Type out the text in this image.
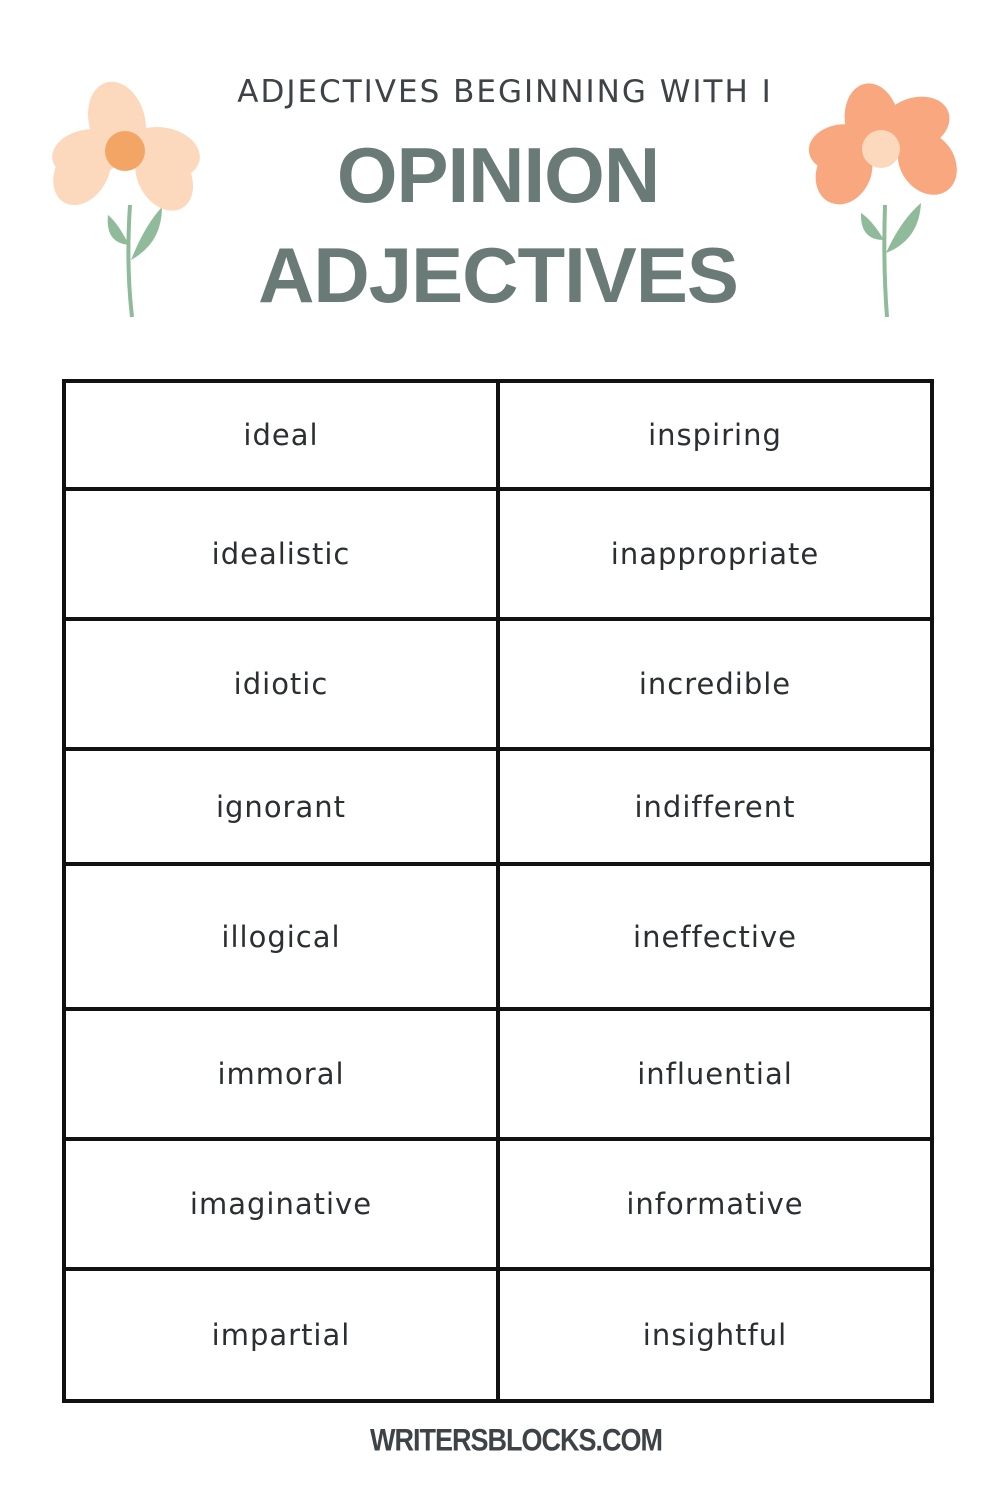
ADJECTIVES BEGINNING WITH I
OPINION
ADJECTIVES
ideal	inspiring
idealistic	inappropriate
idiotic	incredible
ignorant	indifferent
illogical	ineffective
immoral	influential
imaginative	informative
impartial	insightful
WRITERSBLOCKS.COM
